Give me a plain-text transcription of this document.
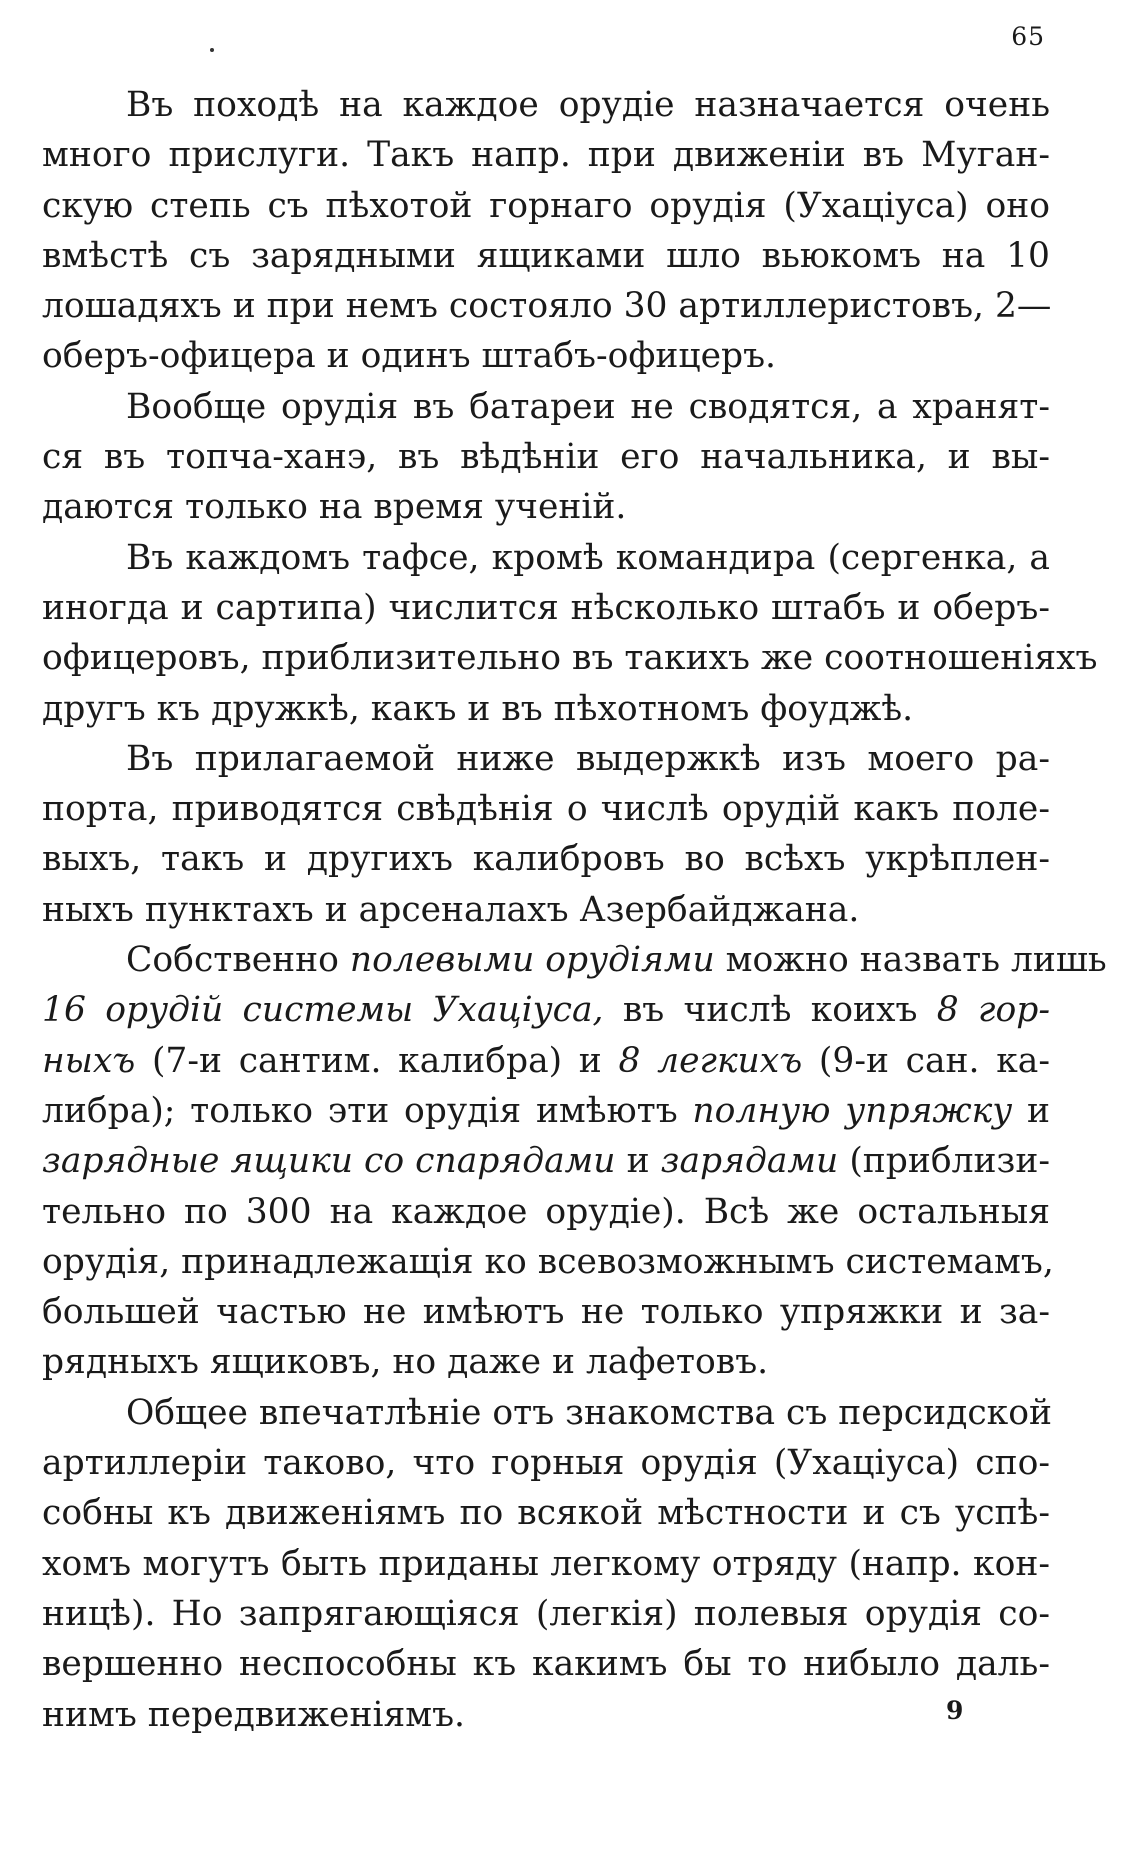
65
Въ походѣ на каждое орудіе назначается очень
много прислуги. Такъ напр. при движеніи въ Муган-
скую степь съ пѣхотой горнаго орудія (Ухаціуса) оно
вмѣстѣ съ зарядными ящиками шло вьюкомъ на 10
лошадяхъ и при немъ состояло 30 артиллеристовъ, 2—
оберъ-офицера и одинъ штабъ-офицеръ.
Вообще орудія въ батареи не сводятся, а хранят-
ся въ топча-ханэ, въ вѣдѣніи его начальника, и вы-
даются только на время ученій.
Въ каждомъ тафсе, кромѣ командира (сергенка, а
иногда и сартипа) числится нѣсколько штабъ и оберъ-
офицеровъ, приблизительно въ такихъ же соотношеніяхъ
другъ къ дружкѣ, какъ и въ пѣхотномъ фоуджѣ.
Въ прилагаемой ниже выдержкѣ изъ моего ра-
порта, приводятся свѣдѣнія о числѣ орудій какъ поле-
выхъ, такъ и другихъ калибровъ во всѣхъ укрѣплен-
ныхъ пунктахъ и арсеналахъ Азербайджана.
Собственно полевыми орудіями можно назвать лишь
16 орудій системы Ухаціуса, въ числѣ коихъ 8 гор-
ныхъ (7-и сантим. калибра) и 8 легкихъ (9-и сан. ка-
либра); только эти орудія имѣютъ полную упряжку и
зарядные ящики со спарядами и зарядами (приблизи-
тельно по 300 на каждое орудіе). Всѣ же остальныя
орудія, принадлежащія ко всевозможнымъ системамъ,
большей частью не имѣютъ не только упряжки и за-
рядныхъ ящиковъ, но даже и лафетовъ.
Общее впечатлѣніе отъ знакомства съ персидской
артиллеріи таково, что горныя орудія (Ухаціуса) спо-
собны къ движеніямъ по всякой мѣстности и съ успѣ-
хомъ могутъ быть приданы легкому отряду (напр. кон-
ницѣ). Но запрягающіяся (легкія) полевыя орудія со-
вершенно неспособны къ какимъ бы то нибыло даль-
нимъ передвиженіямъ.	9
